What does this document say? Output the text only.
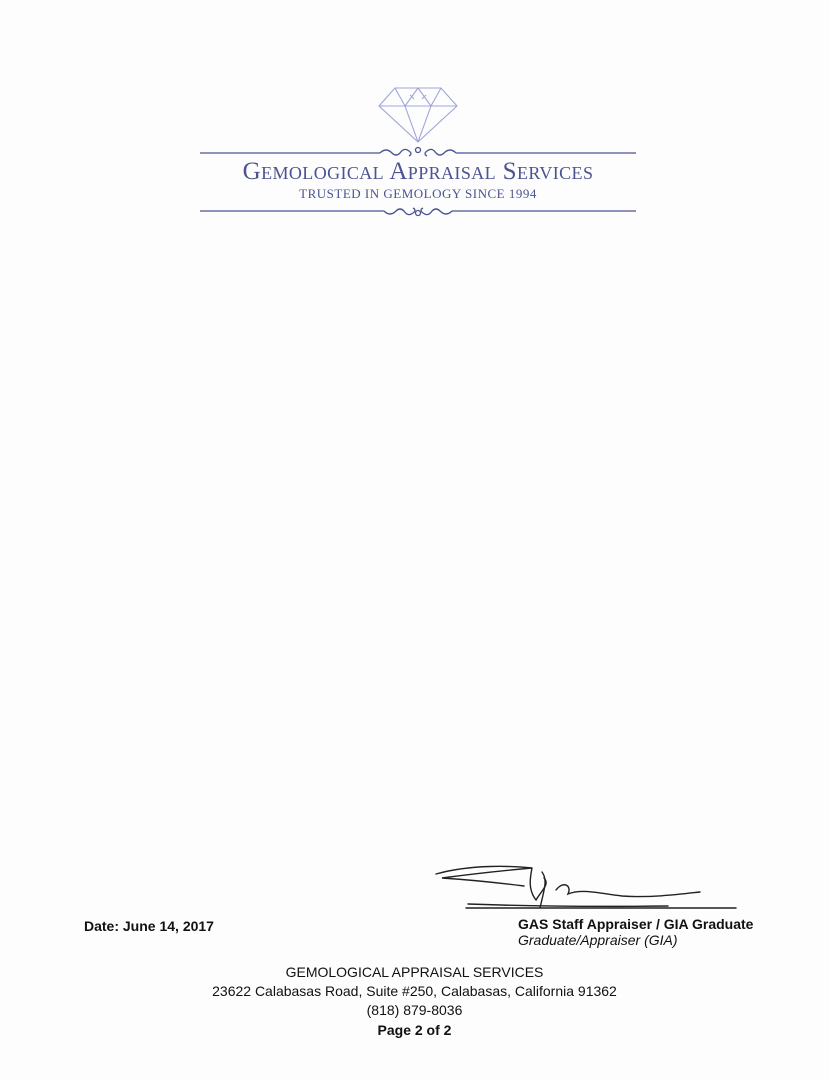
Gemological Appraisal Services
TRUSTED IN GEMOLOGY SINCE 1994
Date: June 14, 2017	GAS Staff Appraiser / GIA Graduate
Graduate/Appraiser (GIA)
GEMOLOGICAL APPRAISAL SERVICES
23622 Calabasas Road, Suite #250, Calabasas, California 91362
(818) 879-8036
Page 2 of 2
